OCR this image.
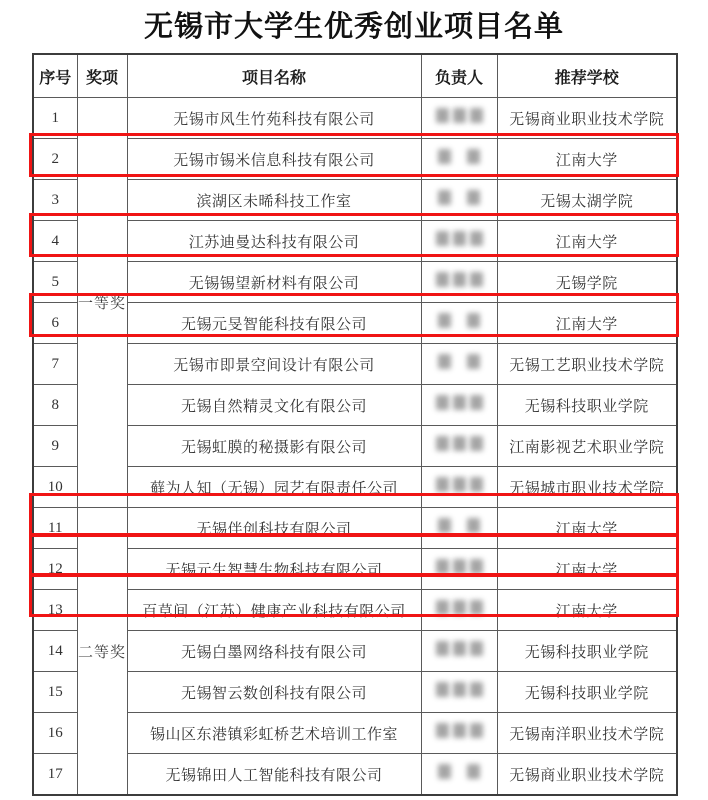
无锡市大学生优秀创业项目名单
序号	奖项	项目名称	负责人	推荐学校
1	一等奖	无锡市风生竹苑科技有限公司		无锡商业职业技术学院
2		无锡市锡米信息科技有限公司		江南大学
3		滨湖区未晞科技工作室		无锡太湖学院
4		江苏迪曼达科技有限公司		江南大学
5		无锡锡望新材料有限公司		无锡学院
6		无锡元旻智能科技有限公司		江南大学
7		无锡市即景空间设计有限公司		无锡工艺职业技术学院
8		无锡自然精灵文化有限公司		无锡科技职业学院
9		无锡虹膜的秘摄影有限公司		江南影视艺术职业学院
10		藓为人知（无锡）园艺有限责任公司		无锡城市职业技术学院
11	二等奖	无锡伴创科技有限公司		江南大学
12		无锡元生智慧生物科技有限公司		江南大学
13		百草间（江苏）健康产业科技有限公司		江南大学
14		无锡白墨网络科技有限公司		无锡科技职业学院
15		无锡智云数创科技有限公司		无锡科技职业学院
16		锡山区东港镇彩虹桥艺术培训工作室		无锡南洋职业技术学院
17		无锡锦田人工智能科技有限公司		无锡商业职业技术学院
